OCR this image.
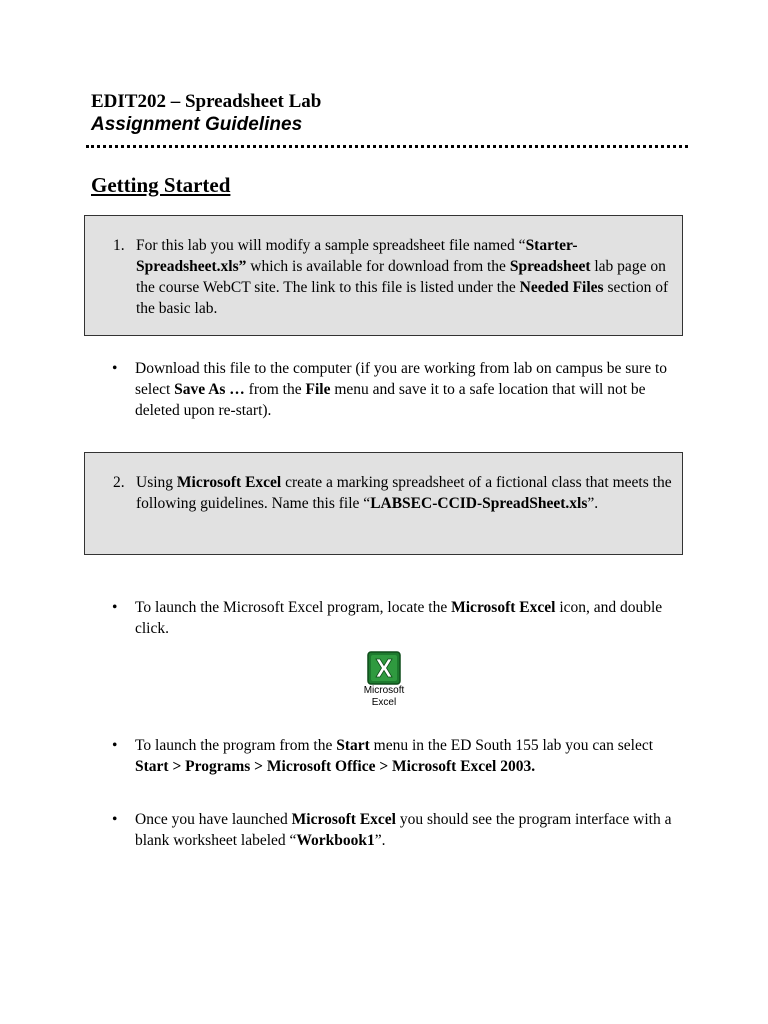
EDIT202 – Spreadsheet Lab
Assignment Guidelines
Getting Started
1. For this lab you will modify a sample spreadsheet file named “Starter-Spreadsheet.xls” which is available for download from the Spreadsheet lab page on the course WebCT site. The link to this file is listed under the Needed Files section of the basic lab.
• Download this file to the computer (if you are working from lab on campus be sure to select Save As … from the File menu and save it to a safe location that will not be deleted upon re-start).
2. Using Microsoft Excel create a marking spreadsheet of a fictional class that meets the following guidelines. Name this file “LABSEC-CCID-SpreadSheet.xls”.
• To launch the Microsoft Excel program, locate the Microsoft Excel icon, and double click.
Microsoft
Excel
• To launch the program from the Start menu in the ED South 155 lab you can select Start > Programs > Microsoft Office > Microsoft Excel 2003.
• Once you have launched Microsoft Excel you should see the program interface with a blank worksheet labeled “Workbook1”.
